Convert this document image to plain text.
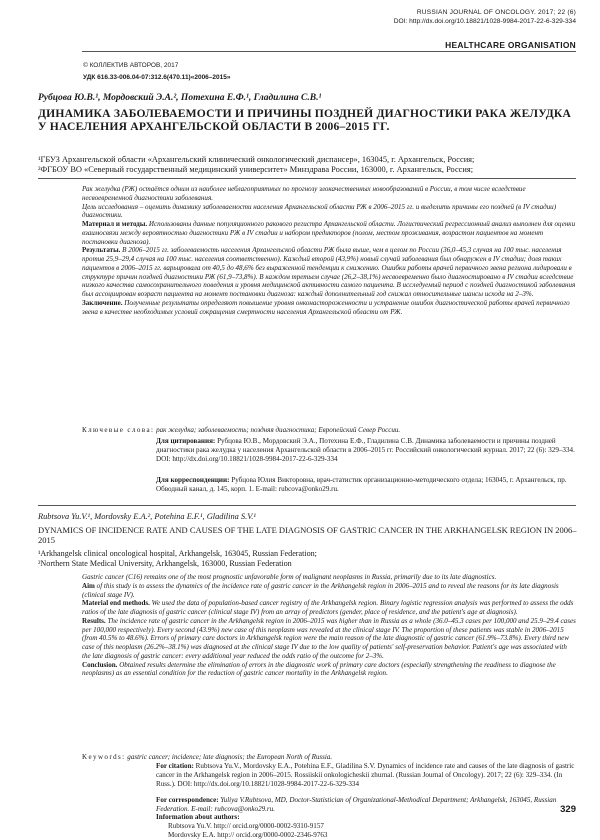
RUSSIAN JOURNAL OF ONCOLOGY. 2017; 22 (6)
DOI: http://dx.doi.org/10.18821/1028-9984-2017-22-6-329-334
HEALTHCARE ORGANISATION
© КОЛЛЕКТИВ АВТОРОВ, 2017
УДК 616.33-006.04-07:312.6(470.11)«2006–2015»
Рубцова Ю.В.¹, Мордовский Э.А.², Потехина Е.Ф.¹, Гладилина С.В.¹
ДИНАМИКА ЗАБОЛЕВАЕМОСТИ И ПРИЧИНЫ ПОЗДНЕЙ ДИАГНОСТИКИ РАКА ЖЕЛУДКА У НАСЕЛЕНИЯ АРХАНГЕЛЬСКОЙ ОБЛАСТИ В 2006–2015 ГГ.
¹ГБУЗ Архангельской области «Архангельский клинический онкологический диспансер», 163045, г. Архангельск, Россия;
²ФГБОУ ВО «Северный государственный медицинский университет» Минздрава России, 163000, г. Архангельск, Россия;

Рак желудка (РЖ) остаётся одним из наиболее неблагоприятных по прогнозу злокачественных новообразований в России, в том числе вследствие несвоевременной диагностики заболевания.

Цель исследования – оценить динамику заболеваемости населения Архангельской области РЖ в 2006–2015 гг. и выделить причины его поздней (в IV стадии) диагностики.

Материал и методы. Использованы данные популяционного ракового регистра Архангельской области. Логистический регрессионный анализ выполнен для оценки взаимосвязи между вероятностью диагностики РЖ в IV стадии и набором предикторов (полом, местом проживания, возрастом пациентов на момент постановки диагноза).

Результаты. В 2006–2015 гг. заболеваемость населения Архангельской области РЖ была выше, чем в целом по России (36,0–45,3 случая на 100 тыс. населения против 25,9–29,4 случая на 100 тыс. населения соответственно). Каждый второй (43,9%) новый случай заболевания был обнаружен в IV стадии; доля таких пациентов в 2006–2015 гг. варьировала от 40,5 до 48,6% без выраженной тенденции к снижению. Ошибки работы врачей первичного звена региона лидировали в структуре причин поздней диагностики РЖ (61,9–73,8%). В каждом третьем случае (26,2–38,1%) несвоевременно было диагностировано в IV стадии вследствие низкого качества самосохранительного поведения и уровня медицинской активности самого пациента. В исследуемый период с поздней диагностикой заболевания был ассоциирован возраст пациента на момент постановки диагноза: каждый дополнительный год снижал относительные шансы исхода на 2–3%.

Заключение. Полученные результаты определяют повышение уровня онконастороженности и устранение ошибок диагностической работы врачей первичного звена в качестве необходимых условий сокращения смертности населения Архангельской области от РЖ.

Ключевые слова: рак желудка; заболеваемость; поздняя диагностика; Европейский Север России.
Для цитирования: Рубцова Ю.В., Мордовский Э.А., Потехина Е.Ф., Гладилина С.В. Динамика заболеваемости и причины поздней диагностики рака желудка у населения Архангельской области в 2006–2015 гг. Российский онкологический журнал. 2017; 22 (6): 329–334. DOI: http://dx.doi.org/10.18821/1028-9984-2017-22-6-329-334
Для корреспонденции: Рубцова Юлия Викторовна, врач-статистик организационно-методического отдела; 163045, г. Архангельск, пр. Обводный канал, д. 145, корп. 1. E-mail: rubcova@onko29.ru.
Rubtsova Yu.V.¹, Mordovsky E.A.², Potehina E.F.¹, Gladilina S.V.¹
DYNAMICS OF INCIDENCE RATE AND CAUSES OF THE LATE DIAGNOSIS OF GASTRIC CANCER IN THE ARKHANGELSK REGION IN 2006–2015
¹Arkhangelsk clinical oncological hospital, Arkhangelsk, 163045, Russian Federation;
²Northern State Medical University, Arkhangelsk, 163000, Russian Federation

Gastric cancer (C16) remains one of the most prognostic unfavorable form of malignant neoplasms in Russia, primarily due to its late diagnostics.

Aim of this study is to assess the dynamics of the incidence rate of gastric cancer in the Arkhangelsk region in 2006–2015 and to reveal the reasons for its late diagnosis (clinical stage IV).

Material end methods. We used the data of population-based cancer registry of the Arkhangelsk region. Binary logistic regression analysis was performed to assess the odds ratios of the late diagnosis of gastric cancer (clinical stage IV) from an array of predictors (gender, place of residence, and the patient's age at diagnosis).

Results. The incidence rate of gastric cancer in the Arkhangelsk region in 2006–2015 was higher than in Russia as a whole (36.0–45.3 cases per 100,000 and 25.9–29.4 cases per 100,000 respectively). Every second (43.9%) new case of this neoplasm was revealed at the clinical stage IV. The proportion of these patients was stable in 2006–2015 (from 40.5% to 48.6%). Errors of primary care doctors in Arkhangelsk region were the main reason of the late diagnostic of gastric cancer (61.9%–73.8%). Every third new case of this neoplasm (26.2%–38.1%) was diagnosed at the clinical stage IV due to the low quality of patients' self-preservation behavior. Patient's age was associated with the late diagnosis of gastric cancer: every additional year reduced the odds ratio of the outcome for 2–3%.

Conclusion. Obtained results determine the elimination of errors in the diagnostic work of primary care doctors (especially strengthening the readiness to diagnose the neoplasms) as an essential condition for the reduction of gastric cancer mortality in the Arkhangelsk region.

Keywords: gastric cancer; incidence; late diagnosis; the European North of Russia.
For citation: Rubtsova Yu.V., Mordovsky E.A., Potehina E.F., Gladilina S.V. Dynamics of incidence rate and causes of the late diagnosis of gastric cancer in the Arkhangelsk region in 2006–2015. Rossiiskii onkologicheskii zhurnal. (Russian Journal of Oncology). 2017; 22 (6): 329–334. (In Russ.). DOI: http://dx.doi.org/10.18821/1028-9984-2017-22-6-329-334
For correspondence: Yuliya V.Rubtsova, MD, Doctor-Statistician of Organizational-Methodical Department; Arkhangelsk, 163045, Russian Federation. E-mail: rubcova@onko29.ru.
Information about authors:
Rubtsova Yu.V. http:// orcid.org/0000-0002-9310-9157
Mordovsky E.A. http:// orcid.org/0000-0002-2346-9763
329
